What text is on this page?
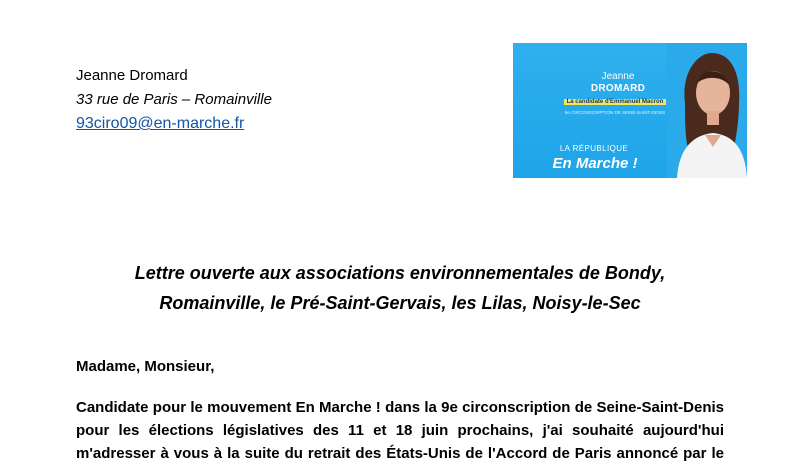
Jeanne Dromard
33 rue de Paris – Romainville
93ciro09@en-marche.fr
Jeanne
DROMARD
La candidate d'Emmanuel Macron
9e CIRCONSCRIPTION DE SEINE-SAINT-DENIS
LA RÉPUBLIQUE
En Marche !
Lettre ouverte aux associations environnementales de Bondy,
Romainville, le Pré-Saint-Gervais, les Lilas, Noisy-le-Sec
Madame, Monsieur,
Candidate pour le mouvement En Marche ! dans la 9e circonscription de Seine-Saint-Denis
pour les élections législatives des 11 et 18 juin prochains, j'ai souhaité aujourd'hui
m'adresser à vous à la suite du retrait des États-Unis de l'Accord de Paris annoncé par le
